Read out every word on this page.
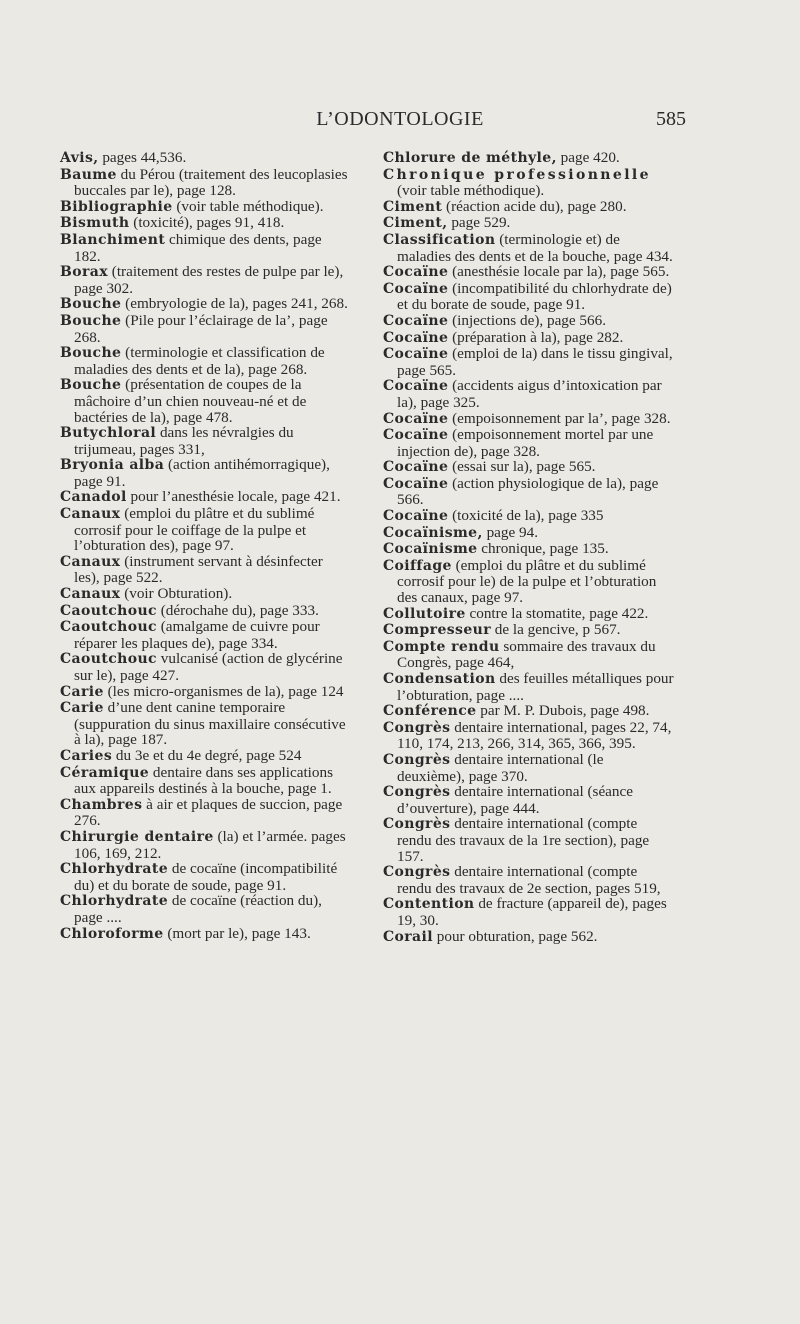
L’ODONTOLOGIE	585

Avis, pages 44,536.

Baume du Pérou (traitement des leucoplasies buccales par le), page 128.

Bibliographie (voir table méthodique).

Bismuth (toxicité), pages 91, 418.

Blanchiment chimique des dents, page 182.

Borax (traitement des restes de pulpe par le), page 302.

Bouche (embryologie de la), pages 241, 268.

Bouche (Pile pour l’éclairage de la’, page 268.

Bouche (terminologie et classification de maladies des dents et de la), page 268.

Bouche (présentation de coupes de la mâchoire d’un chien nouveau-né et de bactéries de la), page 478.

Butychloral dans les névralgies du trijumeau, pages 331,

Bryonia alba (action antihémorragique), page 91.

Canadol pour l’anesthésie locale, page 421.

Canaux (emploi du plâtre et du sublimé corrosif pour le coiffage de la pulpe et l’obturation des), page 97.

Canaux (instrument servant à désinfecter les), page 522.

Canaux (voir Obturation).

Caoutchouc (dérochahe du), page 333.

Caoutchouc (amalgame de cuivre pour réparer les plaques de), page 334.

Caoutchouc vulcanisé (action de glycérine sur le), page 427.

Carie (les micro-organismes de la), page 124

Carie d’une dent canine temporaire (suppuration du sinus maxillaire consécutive à la), page 187.

Caries du 3e et du 4e degré, page 524

Céramique dentaire dans ses applications aux appareils destinés à la bouche, page 1.

Chambres à air et plaques de succion, page 276.

Chirurgie dentaire (la) et l’armée. pages 106, 169, 212.

Chlorhydrate de cocaïne (incompatibilité du) et du borate de soude, page 91.

Chlorhydrate de cocaïne (réaction du), page ....

Chloroforme (mort par le), page 143.

Chlorure de méthyle, page 420.

Chronique professionnelle (voir table méthodique).

Ciment (réaction acide du), page 280.

Ciment, page 529.

Classification (terminologie et) de maladies des dents et de la bouche, page 434.

Cocaïne (anesthésie locale par la), page 565.

Cocaïne (incompatibilité du chlorhydrate de) et du borate de soude, page 91.

Cocaïne (injections de), page 566.

Cocaïne (préparation à la), page 282.

Cocaïne (emploi de la) dans le tissu gingival, page 565.

Cocaïne (accidents aigus d’intoxication par la), page 325.

Cocaïne (empoisonnement par la’, page 328.

Cocaïne (empoisonnement mortel par une injection de), page 328.

Cocaïne (essai sur la), page 565.

Cocaïne (action physiologique de la), page 566.

Cocaïne (toxicité de la), page 335

Cocaïnisme, page 94.

Cocaïnisme chronique, page 135.

Coiffage (emploi du plâtre et du sublimé corrosif pour le) de la pulpe et l’obturation des canaux, page 97.

Collutoire contre la stomatite, page 422.

Compresseur de la gencive, p 567.

Compte rendu sommaire des travaux du Congrès, page 464,

Condensation des feuilles métalliques pour l’obturation, page ....

Conférence par M. P. Dubois, page 498.

Congrès dentaire international, pages 22, 74, 110, 174, 213, 266, 314, 365, 366, 395.

Congrès dentaire international (le deuxième), page 370.

Congrès dentaire international (séance d’ouverture), page 444.

Congrès dentaire international (compte rendu des travaux de la 1re section), page 157.

Congrès dentaire international (compte rendu des travaux de 2e section, pages 519,

Contention de fracture (appareil de), pages 19, 30.

Corail pour obturation, page 562.
